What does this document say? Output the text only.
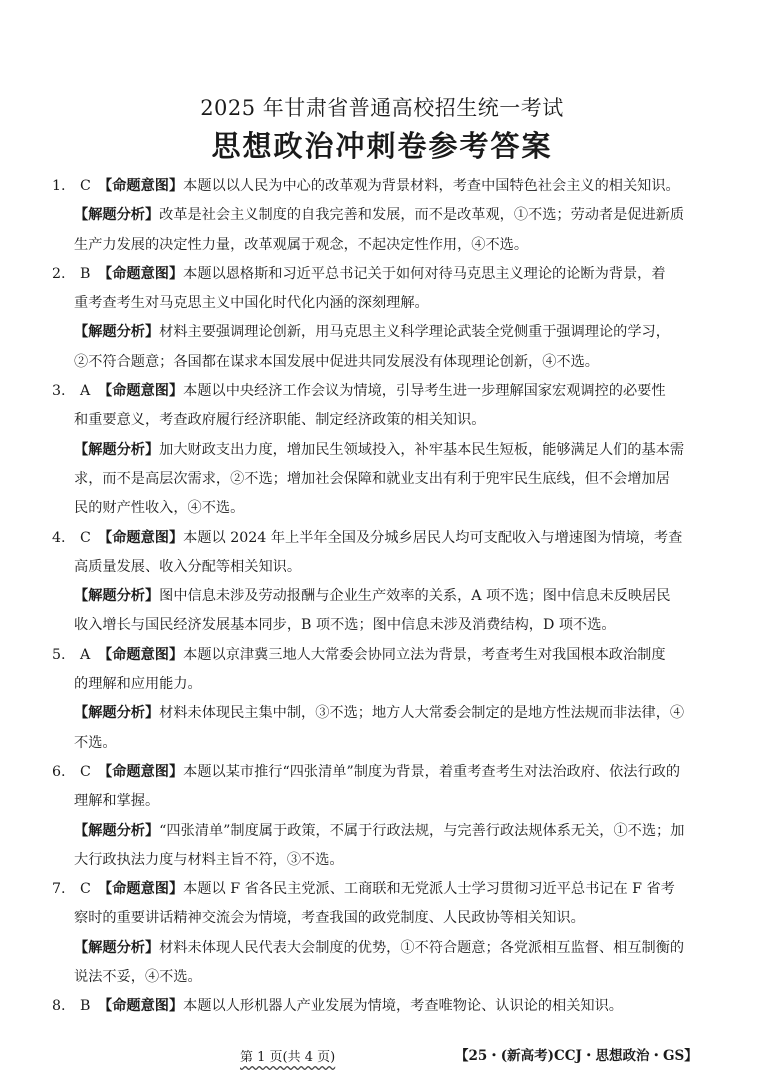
2025 年甘肃省普通高校招生统一考试
思想政治冲刺卷参考答案
1. C 【命题意图】本题以以人民为中心的改革观为背景材料，考查中国特色社会主义的相关知识。
【解题分析】改革是社会主义制度的自我完善和发展，而不是改革观，①不选；劳动者是促进新质
生产力发展的决定性力量，改革观属于观念，不起决定性作用，④不选。
2. B 【命题意图】本题以恩格斯和习近平总书记关于如何对待马克思主义理论的论断为背景，着
重考查考生对马克思主义中国化时代化内涵的深刻理解。
【解题分析】材料主要强调理论创新，用马克思主义科学理论武装全党侧重于强调理论的学习，
②不符合题意；各国都在谋求本国发展中促进共同发展没有体现理论创新，④不选。
3. A 【命题意图】本题以中央经济工作会议为情境，引导考生进一步理解国家宏观调控的必要性
和重要意义，考查政府履行经济职能、制定经济政策的相关知识。
【解题分析】加大财政支出力度，增加民生领域投入，补牢基本民生短板，能够满足人们的基本需
求，而不是高层次需求，②不选；增加社会保障和就业支出有利于兜牢民生底线，但不会增加居
民的财产性收入，④不选。
4. C 【命题意图】本题以 2024 年上半年全国及分城乡居民人均可支配收入与增速图为情境，考查
高质量发展、收入分配等相关知识。
【解题分析】图中信息未涉及劳动报酬与企业生产效率的关系，A 项不选；图中信息未反映居民
收入增长与国民经济发展基本同步，B 项不选；图中信息未涉及消费结构，D 项不选。
5. A 【命题意图】本题以京津冀三地人大常委会协同立法为背景，考查考生对我国根本政治制度
的理解和应用能力。
【解题分析】材料未体现民主集中制，③不选；地方人大常委会制定的是地方性法规而非法律，④
不选。
6. C 【命题意图】本题以某市推行“四张清单”制度为背景，着重考查考生对法治政府、依法行政的
理解和掌握。
【解题分析】“四张清单”制度属于政策，不属于行政法规，与完善行政法规体系无关，①不选；加
大行政执法力度与材料主旨不符，③不选。
7. C 【命题意图】本题以 F 省各民主党派、工商联和无党派人士学习贯彻习近平总书记在 F 省考
察时的重要讲话精神交流会为情境，考查我国的政党制度、人民政协等相关知识。
【解题分析】材料未体现人民代表大会制度的优势，①不符合题意；各党派相互监督、相互制衡的
说法不妥，④不选。
8. B 【命题意图】本题以人形机器人产业发展为情境，考查唯物论、认识论的相关知识。
第 1 页(共 4 页)	【25・(新高考)CCJ・思想政治・GS】
